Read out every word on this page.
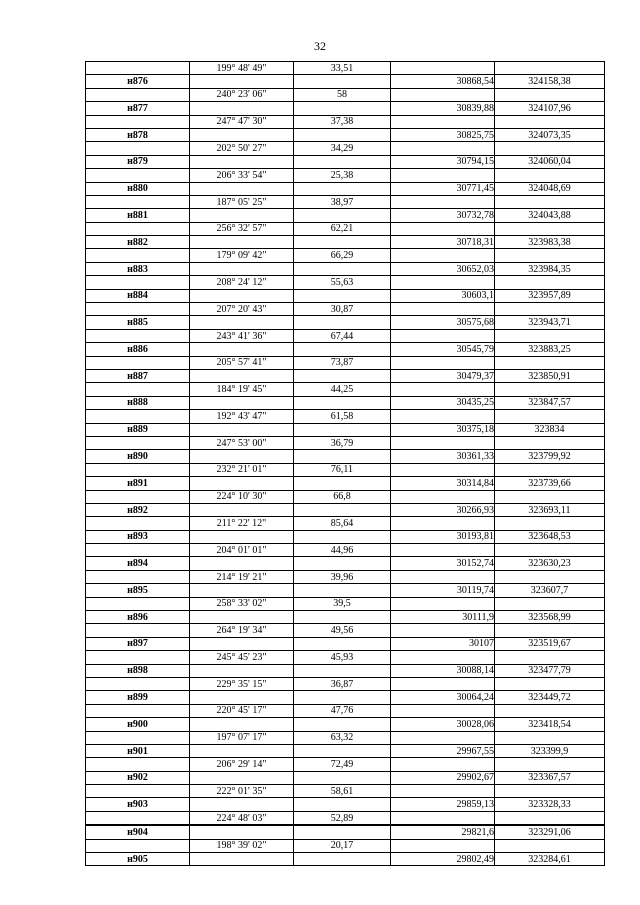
32
	199° 48' 49"	33,51		
н876			30868,54	324158,38
	240° 23' 06"	58		
н877			30839,88	324107,96
	247° 47' 30"	37,38		
н878			30825,75	324073,35
	202° 50' 27"	34,29		
н879			30794,15	324060,04
	206° 33' 54"	25,38		
н880			30771,45	324048,69
	187° 05' 25"	38,97		
н881			30732,78	324043,88
	256° 32' 57"	62,21		
н882			30718,31	323983,38
	179° 09' 42"	66,29		
н883			30652,03	323984,35
	208° 24' 12"	55,63		
н884			30603,1	323957,89
	207° 20' 43"	30,87		
н885			30575,68	323943,71
	243° 41' 36"	67,44		
н886			30545,79	323883,25
	205° 57' 41"	73,87		
н887			30479,37	323850,91
	184° 19' 45"	44,25		
н888			30435,25	323847,57
	192° 43' 47"	61,58		
н889			30375,18	323834
	247° 53' 00"	36,79		
н890			30361,33	323799,92
	232° 21' 01"	76,11		
н891			30314,84	323739,66
	224° 10' 30"	66,8		
н892			30266,93	323693,11
	211° 22' 12"	85,64		
н893			30193,81	323648,53
	204° 01' 01"	44,96		
н894			30152,74	323630,23
	214° 19' 21"	39,96		
н895			30119,74	323607,7
	258° 33' 02"	39,5		
н896			30111,9	323568,99
	264° 19' 34"	49,56		
н897			30107	323519,67
	245° 45' 23"	45,93		
н898			30088,14	323477,79
	229° 35' 15"	36,87		
н899			30064,24	323449,72
	220° 45' 17"	47,76		
н900			30028,06	323418,54
	197° 07' 17"	63,32		
н901			29967,55	323399,9
	206° 29' 14"	72,49		
н902			29902,67	323367,57
	222° 01' 35"	58,61		
н903			29859,13	323328,33
	224° 48' 03"	52,89		
н904			29821,6	323291,06
	198° 39' 02"	20,17		
н905			29802,49	323284,61
